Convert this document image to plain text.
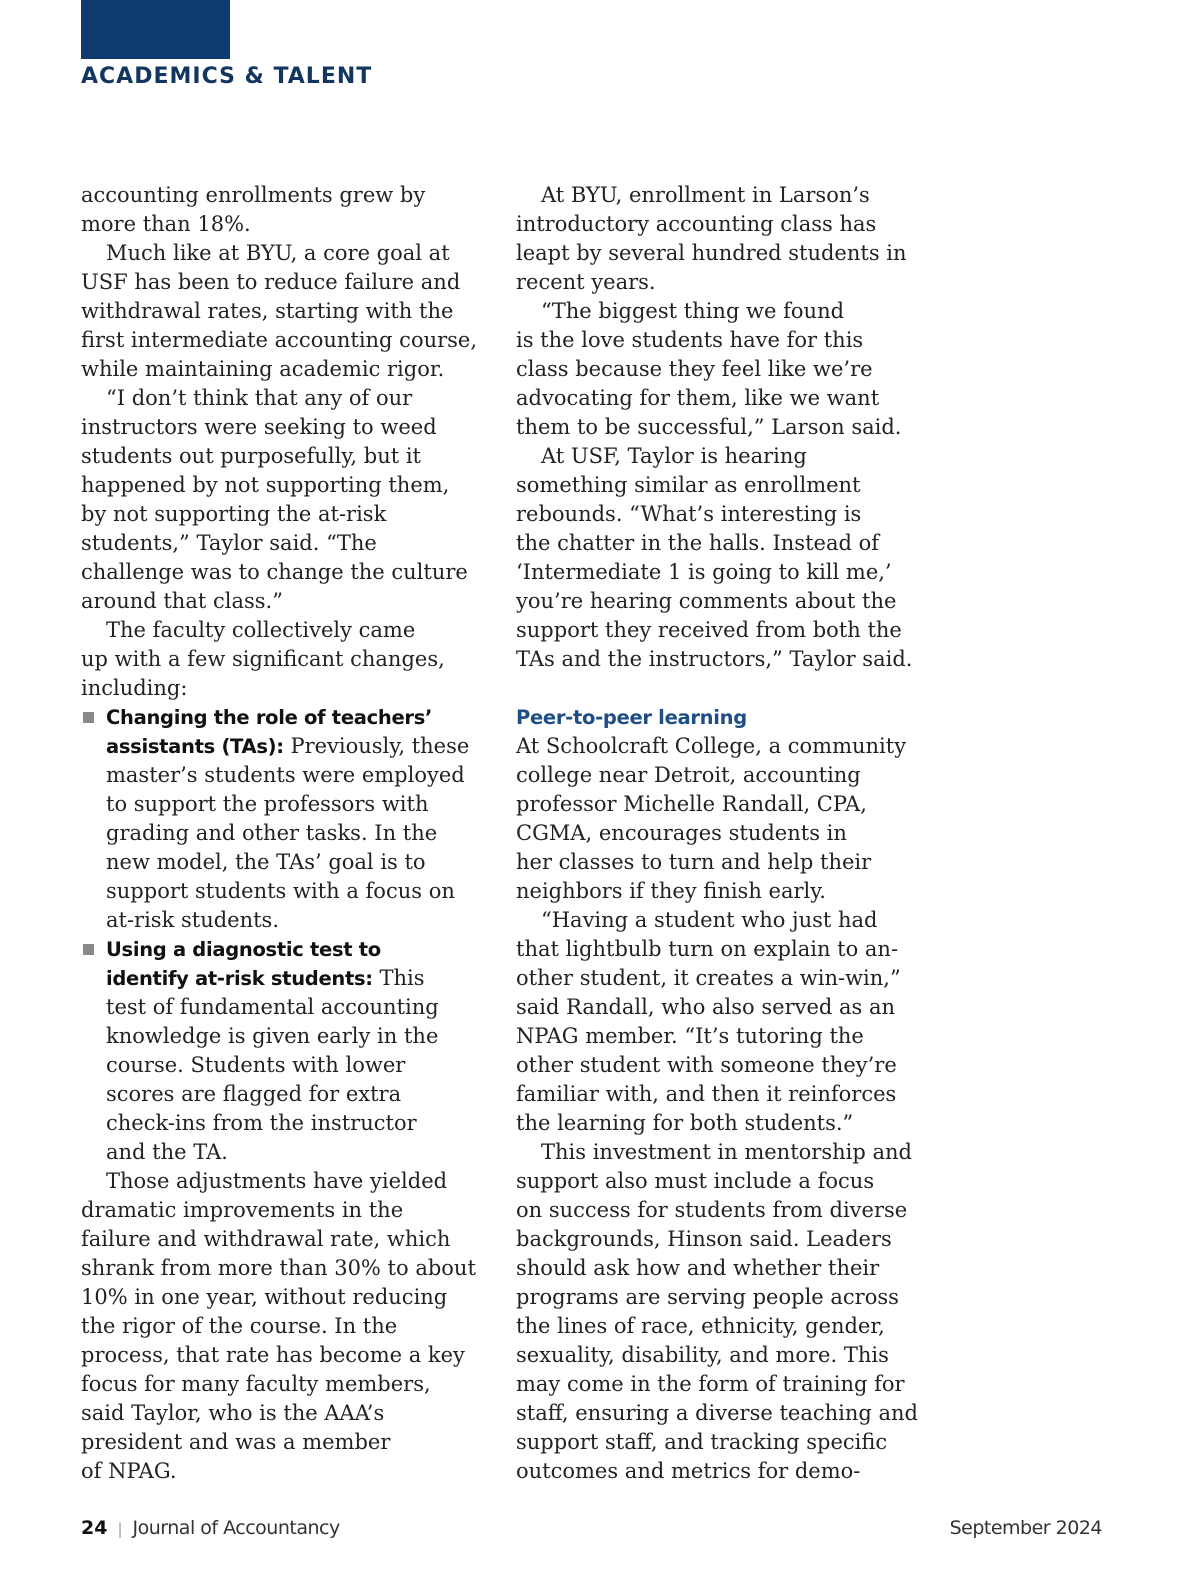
ACADEMICS & TALENT
accounting enrollments grew by
more than 18%.
Much like at BYU, a core goal at
USF has been to reduce failure and
withdrawal rates, starting with the
first intermediate accounting course,
while maintaining academic rigor.
“I don’t think that any of our
instructors were seeking to weed
students out purposefully, but it
happened by not supporting them,
by not supporting the at-risk
students,” Taylor said. “The
challenge was to change the culture
around that class.”
The faculty collectively came
up with a few significant changes,
including:
Changing the role of teachers’
assistants (TAs): Previously, these
master’s students were employed
to support the professors with
grading and other tasks. In the
new model, the TAs’ goal is to
support students with a focus on
at-risk students.
Using a diagnostic test to
identify at-risk students: This
test of fundamental accounting
knowledge is given early in the
course. Students with lower
scores are flagged for extra
check-ins from the instructor
and the TA.
Those adjustments have yielded
dramatic improvements in the
failure and withdrawal rate, which
shrank from more than 30% to about
10% in one year, without reducing
the rigor of the course. In the
process, that rate has become a key
focus for many faculty members,
said Taylor, who is the AAA’s
president and was a member
of NPAG.
At BYU, enrollment in Larson’s
introductory accounting class has
leapt by several hundred students in
recent years.
“The biggest thing we found
is the love students have for this
class because they feel like we’re
advocating for them, like we want
them to be successful,” Larson said.
At USF, Taylor is hearing
something similar as enrollment
rebounds. “What’s interesting is
the chatter in the halls. Instead of
‘Intermediate 1 is going to kill me,’
you’re hearing comments about the
support they received from both the
TAs and the instructors,” Taylor said.
Peer-to-peer learning
At Schoolcraft College, a community
college near Detroit, accounting
professor Michelle Randall, CPA,
CGMA, encourages students in
her classes to turn and help their
neighbors if they finish early.
“Having a student who just had
that lightbulb turn on explain to an-
other student, it creates a win-win,”
said Randall, who also served as an
NPAG member. “It’s tutoring the
other student with someone they’re
familiar with, and then it reinforces
the learning for both students.”
This investment in mentorship and
support also must include a focus
on success for students from diverse
backgrounds, Hinson said. Leaders
should ask how and whether their
programs are serving people across
the lines of race, ethnicity, gender,
sexuality, disability, and more. This
may come in the form of training for
staff, ensuring a diverse teaching and
support staff, and tracking specific
outcomes and metrics for demo-
24 | Journal of Accountancy	September 2024
